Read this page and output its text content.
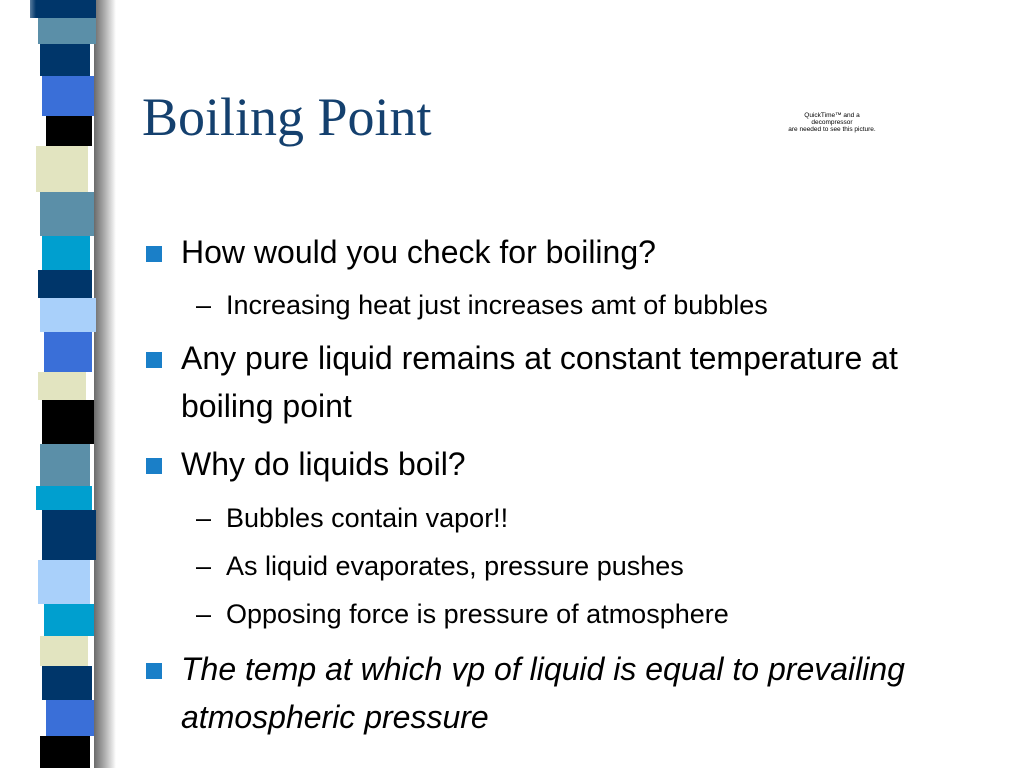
Boiling Point	QuickTime™ and a
decompressor
are needed to see this picture.
How would you check for boiling?
– Increasing heat just increases amt of bubbles
Any pure liquid remains at constant temperature at boiling point
Why do liquids boil?
– Bubbles contain vapor!!
– As liquid evaporates, pressure pushes
– Opposing force is pressure of atmosphere
The temp at which vp of liquid is equal to prevailing atmospheric pressure
